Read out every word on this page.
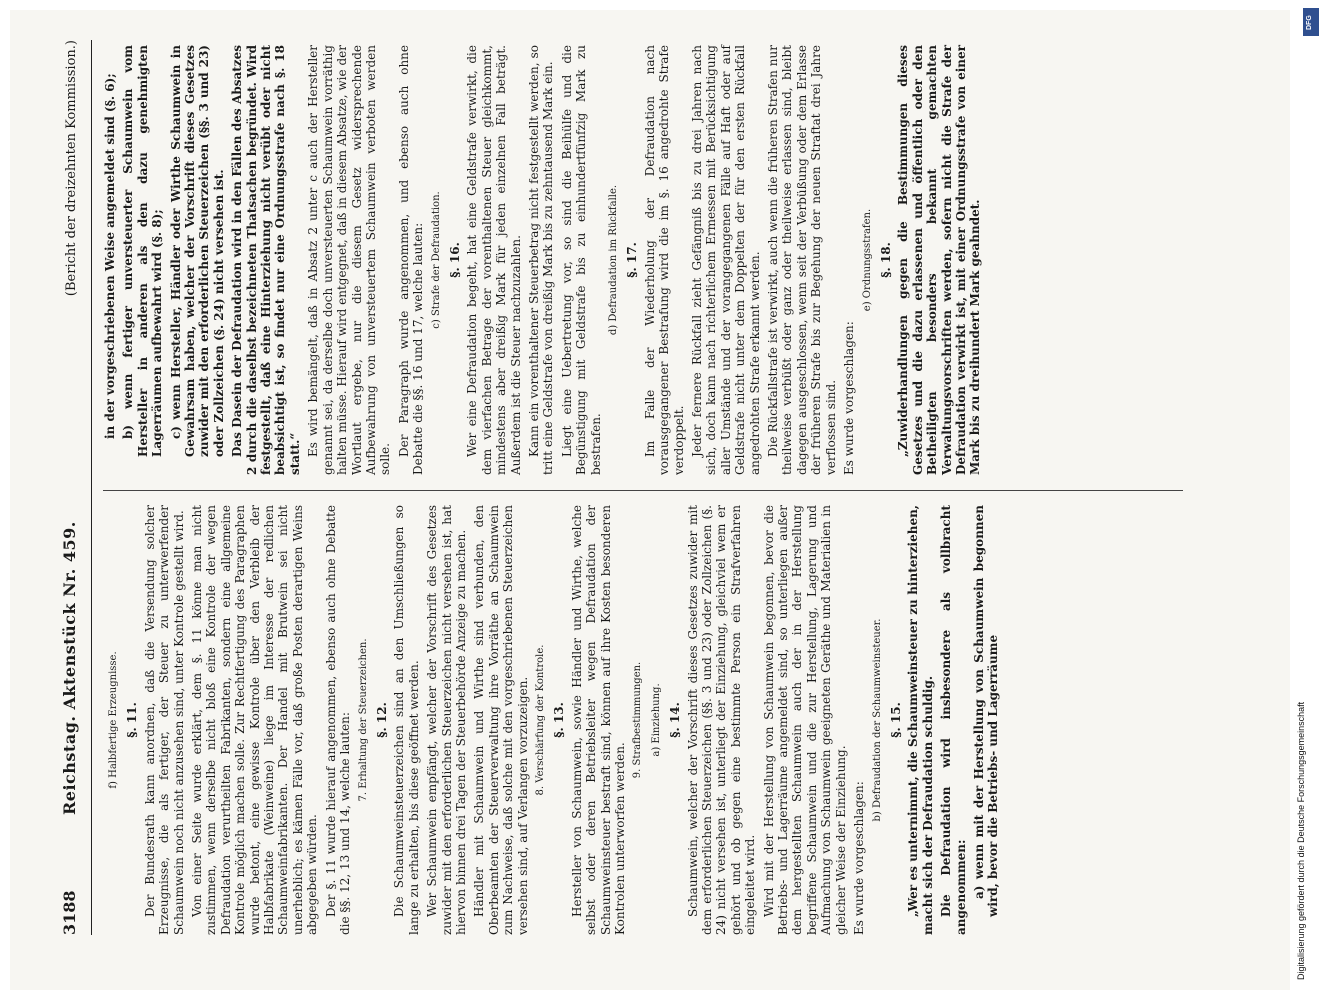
3188
Reichstag. Aktenstück Nr. 459.
(Bericht der dreizehnten Kommission.)
f) Halbfertige Erzeugnisse. §. 11. Der Bundesrath kann anordnen, daß die Versendung solcher Erzeugnisse, die als fertiger, der Steuer zu unterwerfender Schaumwein noch nicht anzusehen sind, unter Kontrole gestellt wird. Von einer Seite wurde erklärt, dem §. 11 könne man nicht zustimmen, wenn derselbe nicht bloß eine Kontrole der wegen Defraudation verurtheilten Fabrikanten, sondern eine allgemeine Kontrole möglich machen solle. Zur Rechtfertigung des Paragraphen wurde betont, eine gewisse Kontrole über den Verbleib der Halbfabrikate (Weinweine) liege im Interesse der redlichen Schaumweinfabrikanten. Der Handel mit Brutwein sei nicht unerheblich; es kämen Fälle vor, daß große Posten derartigen Weins abgegeben würden. Der §. 11 wurde hierauf angenommen, ebenso auch ohne Debatte die §§. 12, 13 und 14, welche lauten: 7. Erhaltung der Steuerzeichen. §. 12. Die Schaumweinsteuerzeichen sind an den Umschließungen so lange zu erhalten, bis diese geöffnet werden. Wer Schaumwein empfängt, welcher der Vorschrift des Gesetzes zuwider mit den erforderlichen Steuerzeichen nicht versehen ist, hat hiervon binnen drei Tagen der Steuerbehörde Anzeige zu machen. Händler mit Schaumwein und Wirthe sind verbunden, den Oberbeamten der Steuerverwaltung ihre Vorräthe an Schaumwein zum Nachweise, daß solche mit den vorgeschriebenen Steuerzeichen versehen sind, auf Verlangen vorzuzeigen. 8. Verschärfung der Kontrole. §. 13. Hersteller von Schaumwein, sowie Händler und Wirthe, welche selbst oder deren Betriebsleiter wegen Defraudation der Schaumweinsteuer bestraft sind, können auf ihre Kosten besonderen Kontrolen unterworfen werden.

9. Strafbestimmungen. a) Einziehung. §. 14. Schaumwein, welcher der Vorschrift dieses Gesetzes zuwider mit dem erforderlichen Steuerzeichen (§§. 3 und 23) oder Zollzeichen (§. 24) nicht versehen ist, unterliegt der Einziehung, gleichviel wem er gehört und ob gegen eine bestimmte Person ein Strafverfahren eingeleitet wird. Wird mit der Herstellung von Schaumwein begonnen, bevor die Betriebs- und Lagerräume angemeldet sind, so unterliegen außer dem hergestellten Schaumwein auch der in der Herstellung begriffene Schaumwein und die zur Herstellung, Lagerung und Aufmachung von Schaumwein geeigneten Geräthe und Materialien in gleicher Weise der Einziehung. Es wurde vorgeschlagen:

b) Defraudation der Schaumweinsteuer. §. 15. „Wer es unternimmt, die Schaumweinsteuer zu hinterziehen, macht sich der Defraudation schuldig. Die Defraudation wird insbesondere als vollbracht angenommen: a) wenn mit der Herstellung von Schaumwein begonnen wird, bevor die Betriebs- und Lagerräume

in der vorgeschriebenen Weise angemeldet sind (§. 6); b) wenn fertiger unversteuerter Schaumwein vom Hersteller in anderen als den dazu genehmigten Lagerräumen aufbewahrt wird (§. 8); c) wenn Hersteller, Händler oder Wirthe Schaumwein in Gewahrsam haben, welcher der Vorschrift dieses Gesetzes zuwider mit den erforderlichen Steuerzeichen (§§. 3 und 23) oder Zollzeichen (§. 24) nicht versehen ist. Das Dasein der Defraudation wird in den Fällen des Absatzes 2 durch die daselbst bezeichneten Thatsachen begründet. Wird festgestellt, daß eine Hinterziehung nicht verübt oder nicht beabsichtigt ist, so findet nur eine Ordnungsstrafe nach §. 18 statt.“ Es wird bemängelt, daß in Absatz 2 unter c auch der Hersteller genannt sei, da derselbe doch unversteuerten Schaumwein vorräthig halten müsse. Hierauf wird entgegnet, daß in diesem Absatze, wie der Wortlaut ergebe, nur die diesem Gesetz widersprechende Aufbewahrung von unversteuertem Schaumwein verboten werden solle.

Der Paragraph wurde angenommen, und ebenso auch ohne Debatte die §§. 16 und 17, welche lauten: c) Strafe der Defraudation. §. 16. Wer eine Defraudation begeht, hat eine Geldstrafe verwirkt, die dem vierfachen Betrage der vorenthaltenen Steuer gleichkommt, mindestens aber dreißig Mark für jeden einzelnen Fall beträgt. Außerdem ist die Steuer nachzuzahlen. Kann ein vorenthaltener Steuerbetrag nicht festgestellt werden, so tritt eine Geldstrafe von dreißig Mark bis zu zehntausend Mark ein. Liegt eine Uebertretung vor, so sind die Beihülfe und die Begünstigung mit Geldstrafe bis zu einhundertfünfzig Mark zu bestrafen.

d) Defraudation im Rückfalle. §. 17. Im Falle der Wiederholung der Defraudation nach vorausgegangener Bestrafung wird die im §. 16 angedrohte Strafe verdoppelt. Jeder fernere Rückfall zieht Gefängniß bis zu drei Jahren nach sich, doch kann nach richterlichem Ermessen mit Berücksichtigung aller Umstände und der vorangegangenen Fälle auf Haft oder auf Geldstrafe nicht unter dem Doppelten der für den ersten Rückfall angedrohten Strafe erkannt werden. Die Rückfallstrafe ist verwirkt, auch wenn die früheren Strafen nur theilweise verbüßt oder ganz oder theilweise erlassen sind, bleibt dagegen ausgeschlossen, wenn seit der Verbüßung oder dem Erlasse der früheren Strafe bis zur Begehung der neuen Straftat drei Jahre verflossen sind. Es wurde vorgeschlagen:

e) Ordnungsstrafen. §. 18. „Zuwiderhandlungen gegen die Bestimmungen dieses Gesetzes und die dazu erlassenen und öffentlich oder den Betheiligten besonders bekannt gemachten Verwaltungsvorschriften werden, sofern nicht die Strafe der Defraudation verwirkt ist, mit einer Ordnungsstrafe von einer Mark bis zu dreihundert Mark geahndet.

Digitalisierung gefördert durch die Deutsche Forschungsgemeinschaft
DFG
